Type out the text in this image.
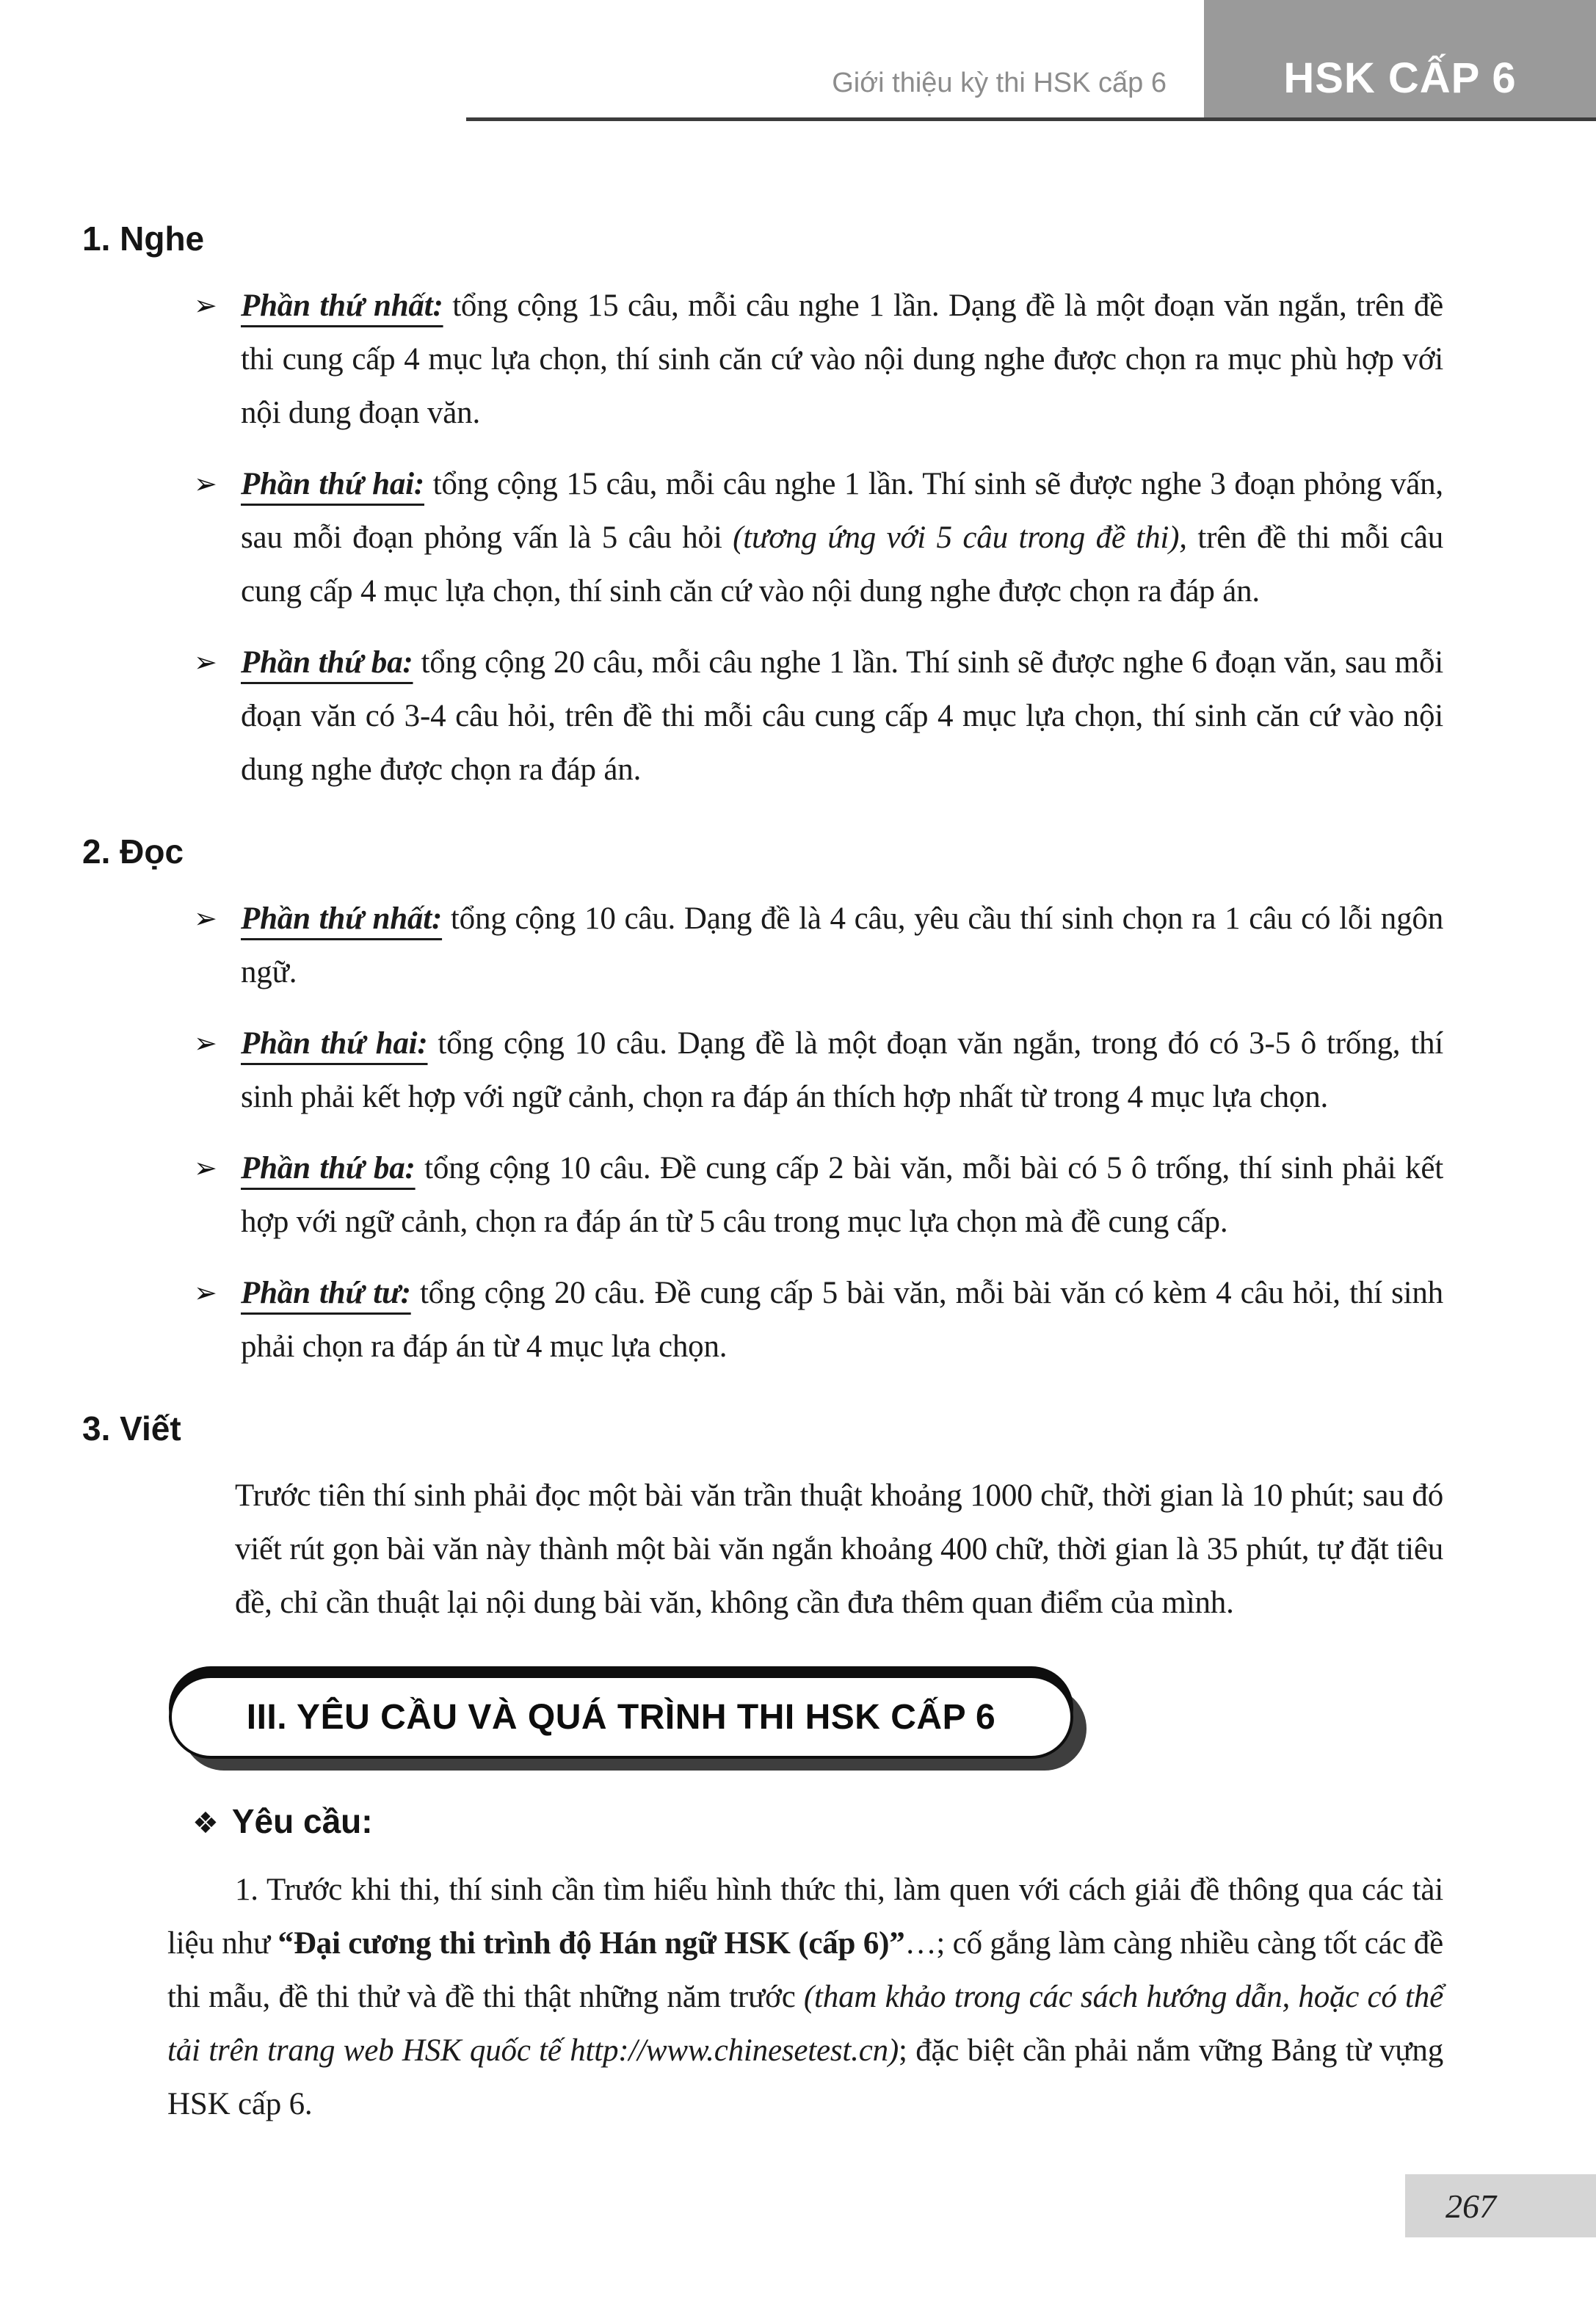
Giới thiệu kỳ thi HSK cấp 6	HSK CẤP 6
1. Nghe
➢ Phần thứ nhất: tổng cộng 15 câu, mỗi câu nghe 1 lần. Dạng đề là một đoạn văn ngắn, trên đề thi cung cấp 4 mục lựa chọn, thí sinh căn cứ vào nội dung nghe được chọn ra mục phù hợp với nội dung đoạn văn.

➢ Phần thứ hai: tổng cộng 15 câu, mỗi câu nghe 1 lần. Thí sinh sẽ được nghe 3 đoạn phỏng vấn, sau mỗi đoạn phỏng vấn là 5 câu hỏi (tương ứng với 5 câu trong đề thi), trên đề thi mỗi câu cung cấp 4 mục lựa chọn, thí sinh căn cứ vào nội dung nghe được chọn ra đáp án.

➢ Phần thứ ba: tổng cộng 20 câu, mỗi câu nghe 1 lần. Thí sinh sẽ được nghe 6 đoạn văn, sau mỗi đoạn văn có 3-4 câu hỏi, trên đề thi mỗi câu cung cấp 4 mục lựa chọn, thí sinh căn cứ vào nội dung nghe được chọn ra đáp án.

2. Đọc
➢ Phần thứ nhất: tổng cộng 10 câu. Dạng đề là 4 câu, yêu cầu thí sinh chọn ra 1 câu có lỗi ngôn ngữ.

➢ Phần thứ hai: tổng cộng 10 câu. Dạng đề là một đoạn văn ngắn, trong đó có 3-5 ô trống, thí sinh phải kết hợp với ngữ cảnh, chọn ra đáp án thích hợp nhất từ trong 4 mục lựa chọn.

➢ Phần thứ ba: tổng cộng 10 câu. Đề cung cấp 2 bài văn, mỗi bài có 5 ô trống, thí sinh phải kết hợp với ngữ cảnh, chọn ra đáp án từ 5 câu trong mục lựa chọn mà đề cung cấp.

➢ Phần thứ tư: tổng cộng 20 câu. Đề cung cấp 5 bài văn, mỗi bài văn có kèm 4 câu hỏi, thí sinh phải chọn ra đáp án từ 4 mục lựa chọn.

3. Viết

Trước tiên thí sinh phải đọc một bài văn trần thuật khoảng 1000 chữ, thời gian là 10 phút; sau đó viết rút gọn bài văn này thành một bài văn ngắn khoảng 400 chữ, thời gian là 35 phút, tự đặt tiêu đề, chỉ cần thuật lại nội dung bài văn, không cần đưa thêm quan điểm của mình.

III. YÊU CẦU VÀ QUÁ TRÌNH THI HSK CẤP 6
❖ Yêu cầu:

1. Trước khi thi, thí sinh cần tìm hiểu hình thức thi, làm quen với cách giải đề thông qua các tài liệu như “Đại cương thi trình độ Hán ngữ HSK (cấp 6)”…; cố gắng làm càng nhiều càng tốt các đề thi mẫu, đề thi thử và đề thi thật những năm trước (tham khảo trong các sách hướng dẫn, hoặc có thể tải trên trang web HSK quốc tế http://www.chinesetest.cn); đặc biệt cần phải nắm vững Bảng từ vựng HSK cấp 6.

267
